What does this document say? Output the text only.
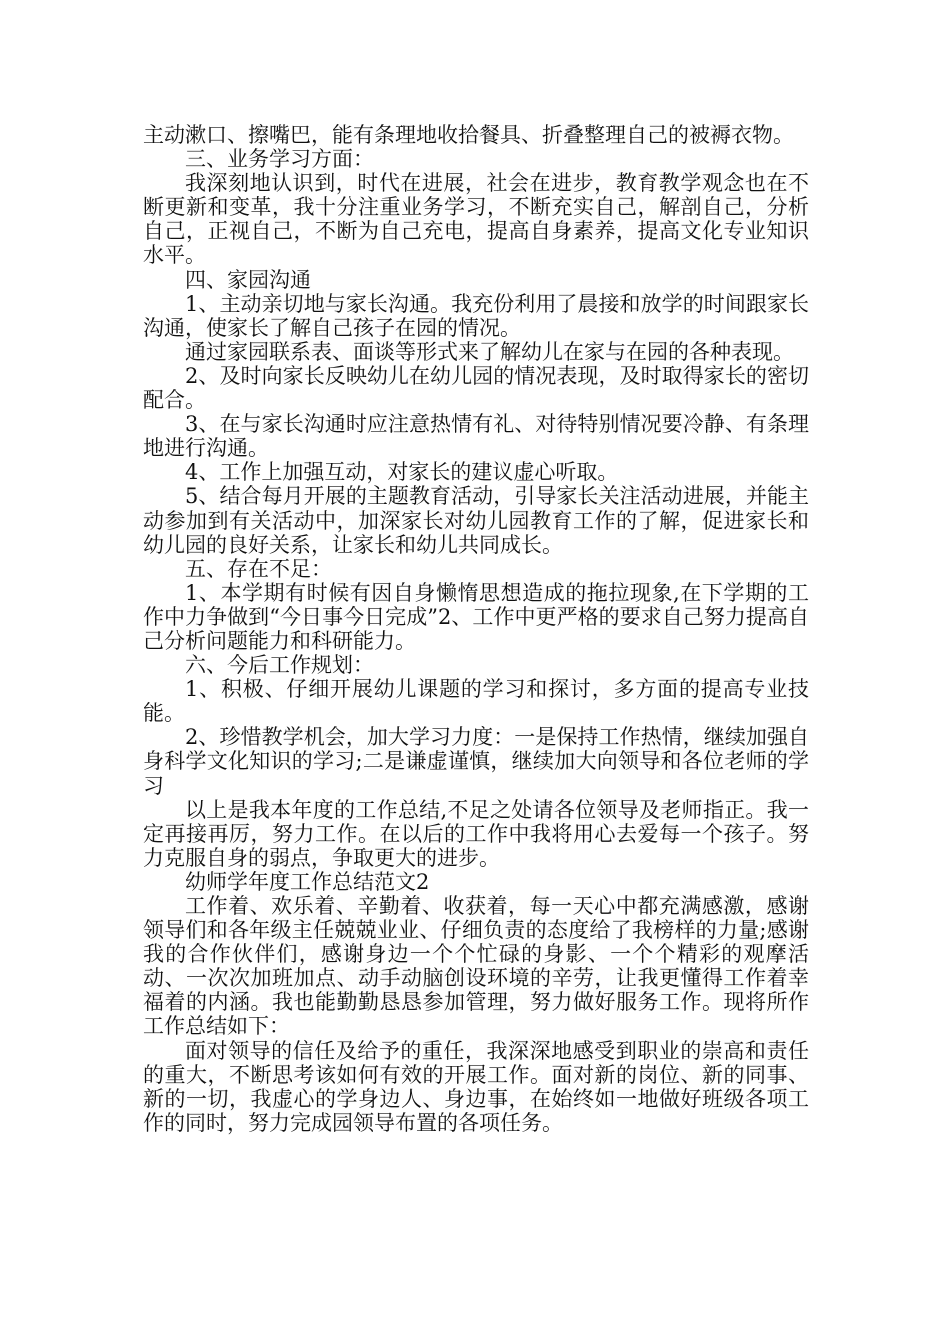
主动漱口、擦嘴巴，能有条理地收拾餐具、折叠整理自己的被褥衣物。

三、业务学习方面：

我深刻地认识到，时代在进展，社会在进步，教育教学观念也在不断更新和变革，我十分注重业务学习，不断充实自己，解剖自己，分析自己，正视自己，不断为自己充电，提高自身素养，提高文化专业知识水平。

四、家园沟通

1、主动亲切地与家长沟通。我充份利用了晨接和放学的时间跟家长沟通，使家长了解自己孩子在园的情况。

通过家园联系表、面谈等形式来了解幼儿在家与在园的各种表现。

2、及时向家长反映幼儿在幼儿园的情况表现，及时取得家长的密切配合。

3、在与家长沟通时应注意热情有礼、对待特别情况要冷静、有条理地进行沟通。

4、工作上加强互动，对家长的建议虚心听取。

5、结合每月开展的主题教育活动，引导家长关注活动进展，并能主动参加到有关活动中，加深家长对幼儿园教育工作的了解，促进家长和幼儿园的良好关系，让家长和幼儿共同成长。

五、存在不足：

1、本学期有时候有因自身懒惰思想造成的拖拉现象,在下学期的工作中力争做到“今日事今日完成”2、工作中更严格的要求自己努力提高自己分析问题能力和科研能力。

六、今后工作规划：

1、积极、仔细开展幼儿课题的学习和探讨，多方面的提高专业技能。

2、珍惜教学机会，加大学习力度：一是保持工作热情，继续加强自身科学文化知识的学习;二是谦虚谨慎，继续加大向领导和各位老师的学习

以上是我本年度的工作总结,不足之处请各位领导及老师指正。我一定再接再厉，努力工作。在以后的工作中我将用心去爱每一个孩子。努力克服自身的弱点，争取更大的进步。

幼师学年度工作总结范文2

工作着、欢乐着、辛勤着、收获着，每一天心中都充满感激，感谢领导们和各年级主任兢兢业业、仔细负责的态度给了我榜样的力量;感谢我的合作伙伴们，感谢身边一个个忙碌的身影、一个个精彩的观摩活动、一次次加班加点、动手动脑创设环境的辛劳，让我更懂得工作着幸福着的内涵。我也能勤勤恳恳参加管理，努力做好服务工作。现将所作工作总结如下：

面对领导的信任及给予的重任，我深深地感受到职业的崇高和责任的重大，不断思考该如何有效的开展工作。面对新的岗位、新的同事、新的一切，我虚心的学身边人、身边事，在始终如一地做好班级各项工作的同时，努力完成园领导布置的各项任务。
